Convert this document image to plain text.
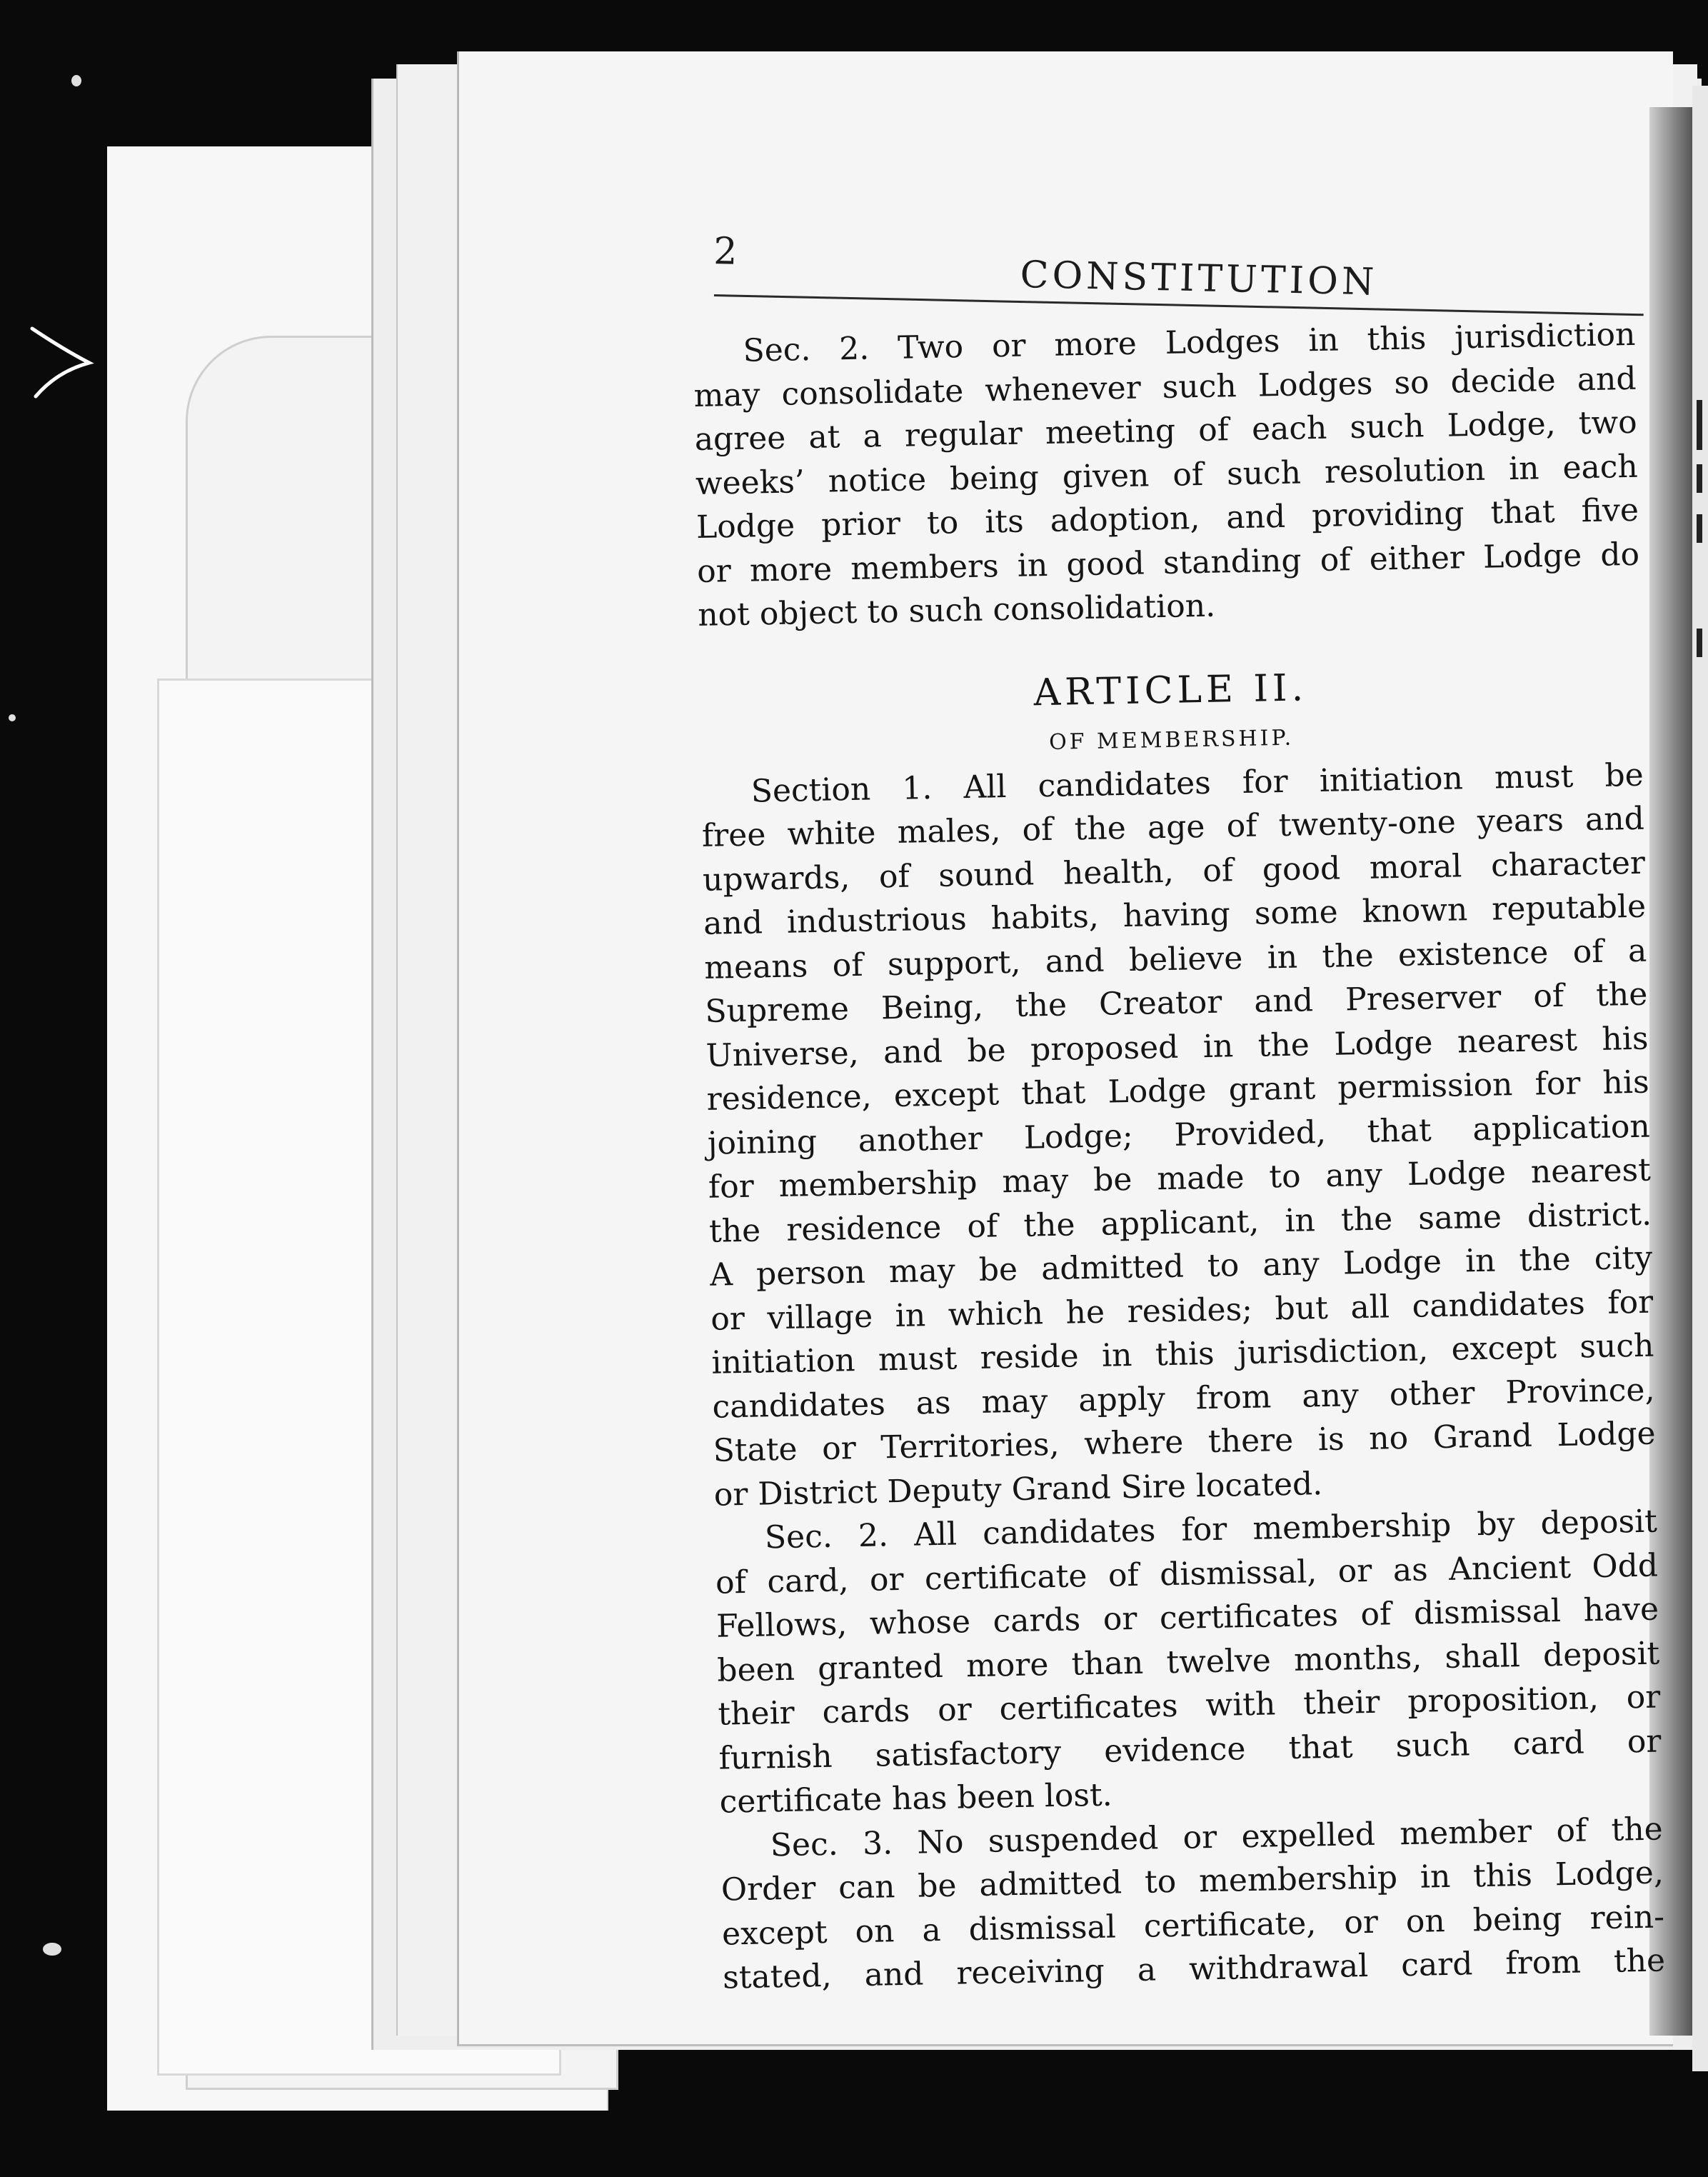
2
CONSTITUTION
Sec. 2. Two or more Lodges in this jurisdiction
may consolidate whenever such Lodges so decide and
agree at a regular meeting of each such Lodge, two
weeks’ notice being given of such resolution in each
Lodge prior to its adoption, and providing that five
or more members in good standing of either Lodge do
not object to such consolidation.
ARTICLE II.
OF MEMBERSHIP.
Section 1. All candidates for initiation must be
free white males, of the age of twenty-one years and
upwards, of sound health, of good moral character
and industrious habits, having some known reputable
means of support, and believe in the existence of a
Supreme Being, the Creator and Preserver of the
Universe, and be proposed in the Lodge nearest his
residence, except that Lodge grant permission for his
joining another Lodge; Provided, that application
for membership may be made to any Lodge nearest
the residence of the applicant, in the same district.
A person may be admitted to any Lodge in the city
or village in which he resides; but all candidates for
initiation must reside in this jurisdiction, except such
candidates as may apply from any other Province,
State or Territories, where there is no Grand Lodge
or District Deputy Grand Sire located.
Sec. 2. All candidates for membership by deposit
of card, or certificate of dismissal, or as Ancient Odd
Fellows, whose cards or certificates of dismissal have
been granted more than twelve months, shall deposit
their cards or certificates with their proposition, or
furnish satisfactory evidence that such card or
certificate has been lost.
Sec. 3. No suspended or expelled member of the
Order can be admitted to membership in this Lodge,
except on a dismissal certificate, or on being rein-
stated, and receiving a withdrawal card from the
